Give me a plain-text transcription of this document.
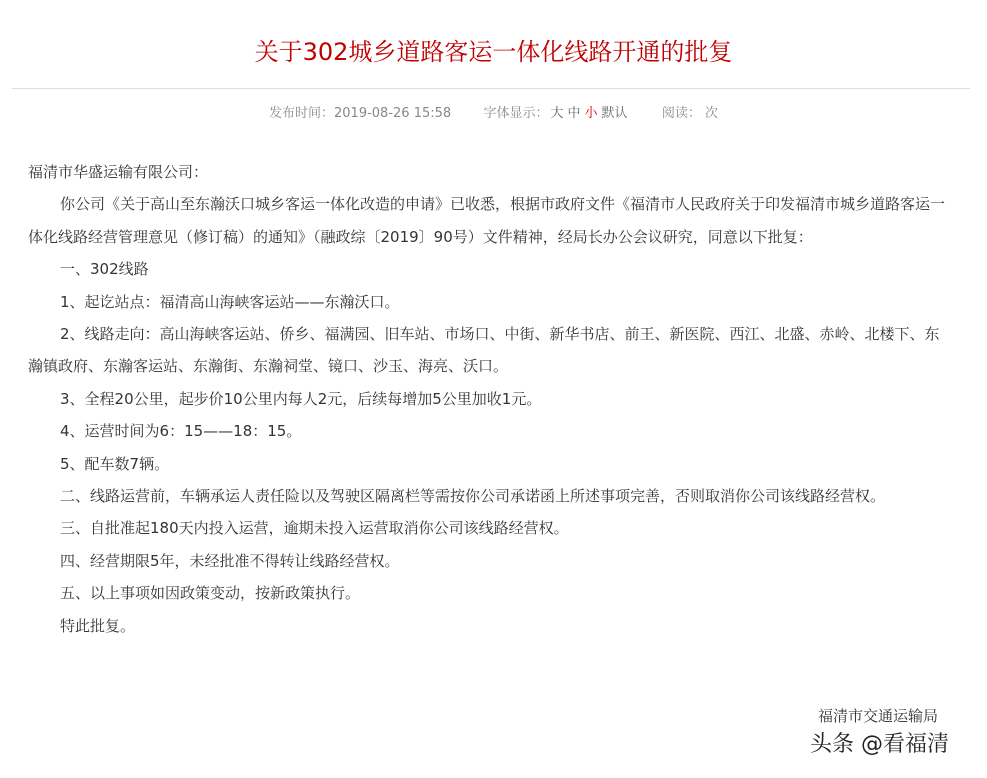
关于302城乡道路客运一体化线路开通的批复
发布时间：2019-08-26 15:58 字体显示： 大 中 小 默认	阅读： 次

福清市华盛运输有限公司：

你公司《关于高山至东瀚沃口城乡客运一体化改造的申请》已收悉，根据市政府文件《福清市人民政府关于印发福清市城乡道路客运一体化线路经营管理意见（修订稿）的通知》（融政综〔2019〕90号）文件精神，经局长办公会议研究，同意以下批复：

一、302线路

1、起讫站点：福清高山海峡客运站——东瀚沃口。

2、线路走向：高山海峡客运站、侨乡、福满园、旧车站、市场口、中街、新华书店、前王、新医院、西江、北盛、赤岭、北楼下、东瀚镇政府、东瀚客运站、东瀚街、东瀚祠堂、镜口、沙玉、海亮、沃口。

3、全程20公里，起步价10公里内每人2元，后续每增加5公里加收1元。

4、运营时间为6：15——18：15。

5、配车数7辆。

二、线路运营前，车辆承运人责任险以及驾驶区隔离栏等需按你公司承诺函上所述事项完善，否则取消你公司该线路经营权。

三、自批准起180天内投入运营，逾期未投入运营取消你公司该线路经营权。

四、经营期限5年，未经批准不得转让线路经营权。

五、以上事项如因政策变动，按新政策执行。

特此批复。

福清市交通运输局
头条 @看福清
